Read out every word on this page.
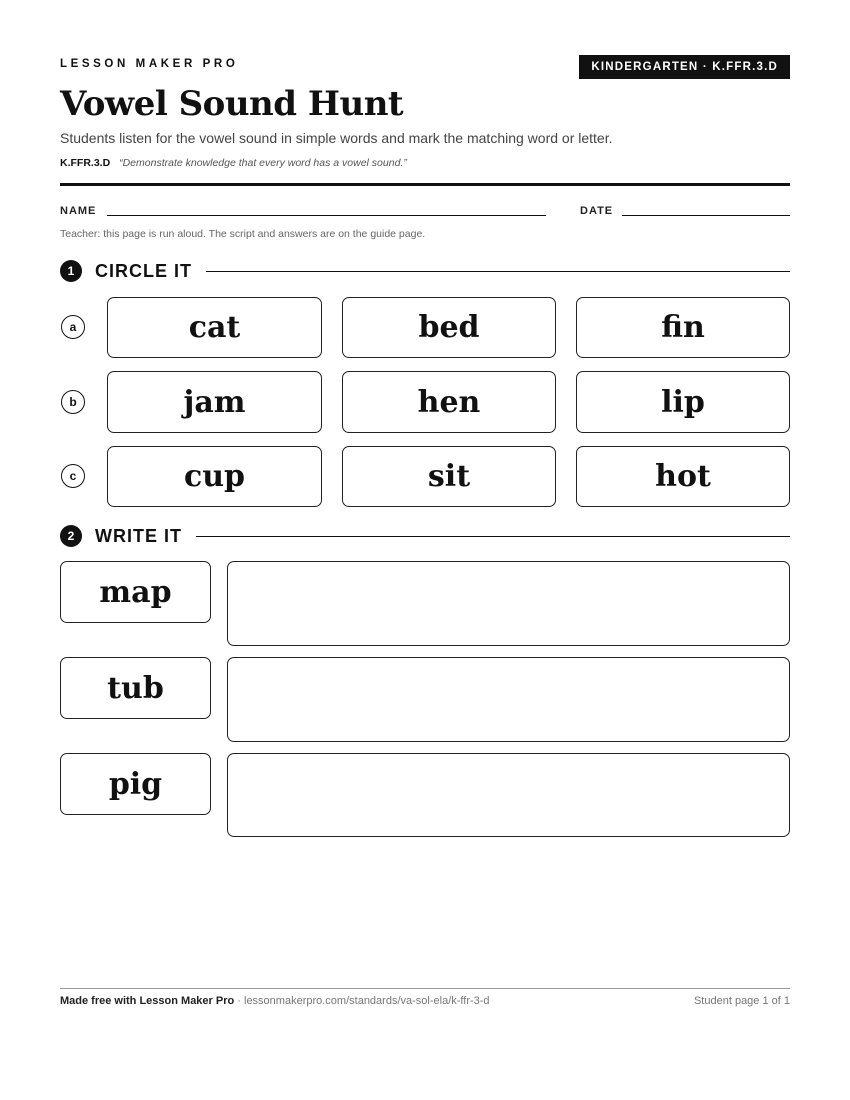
LESSON MAKER PRO	KINDERGARTEN · K.FFR.3.D
Vowel Sound Hunt
Students listen for the vowel sound in simple words and mark the matching word or letter.
K.FFR.3.D “Demonstrate knowledge that every word has a vowel sound.”
NAME	DATE
Teacher: this page is run aloud. The script and answers are on the guide page.
1	CIRCLE IT
a	cat	bed	fin
b	jam	hen	lip
c	cup	sit	hot
2	WRITE IT
map
tub
pig
Made free with Lesson Maker Pro · lessonmakerpro.com/standards/va-sol-ela/k-ffr-3-d	Student page 1 of 1
